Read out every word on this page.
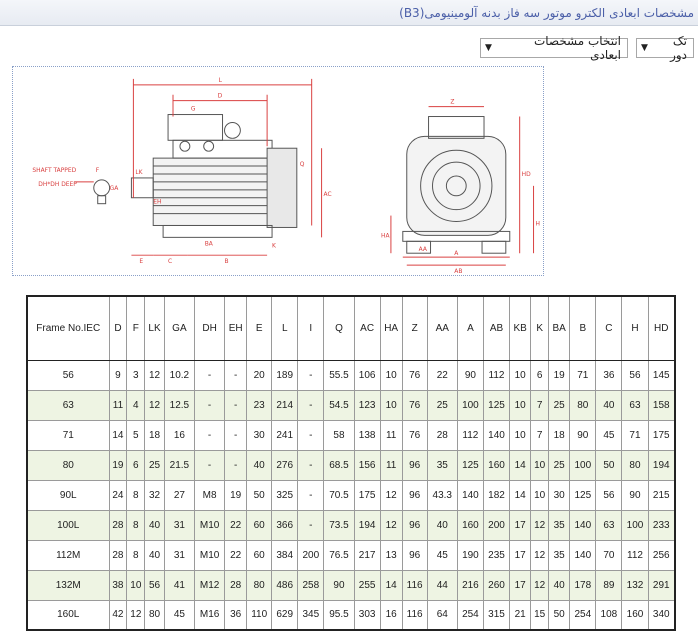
مشخصات ابعادی الکترو موتور سه فاز بدنه آلومینیومی(B3)
تک دور
▼
انتخاب مشخصات ابعادی
▼
L
D
G
LK
F
GA
E	C
BA
B
K
AC
Q
EH
HD
H
HA
Z
AA
A
AB
SHAFT TAPPED
DH*DH DEEP
Frame No.IEC	D	F	LK	GA	DH	EH	E	L	I	Q	AC	HA	Z	AA	A	AB	KB	K	BA	B	C	H	HD
56	9	3	12	10.2	-	-	20	189	-	55.5	106	10	76	22	90	112	10	6	19	71	36	56	145
63	11	4	12	12.5	-	-	23	214	-	54.5	123	10	76	25	100	125	10	7	25	80	40	63	158
71	14	5	18	16	-	-	30	241	-	58	138	11	76	28	112	140	10	7	18	90	45	71	175
80	19	6	25	21.5	-	-	40	276	-	68.5	156	11	96	35	125	160	14	10	25	100	50	80	194
90L	24	8	32	27	M8	19	50	325	-	70.5	175	12	96	43.3	140	182	14	10	30	125	56	90	215
100L	28	8	40	31	M10	22	60	366	-	73.5	194	12	96	40	160	200	17	12	35	140	63	100	233
112M	28	8	40	31	M10	22	60	384	200	76.5	217	13	96	45	190	235	17	12	35	140	70	112	256
132M	38	10	56	41	M12	28	80	486	258	90	255	14	116	44	216	260	17	12	40	178	89	132	291
160L	42	12	80	45	M16	36	110	629	345	95.5	303	16	116	64	254	315	21	15	50	254	108	160	340
